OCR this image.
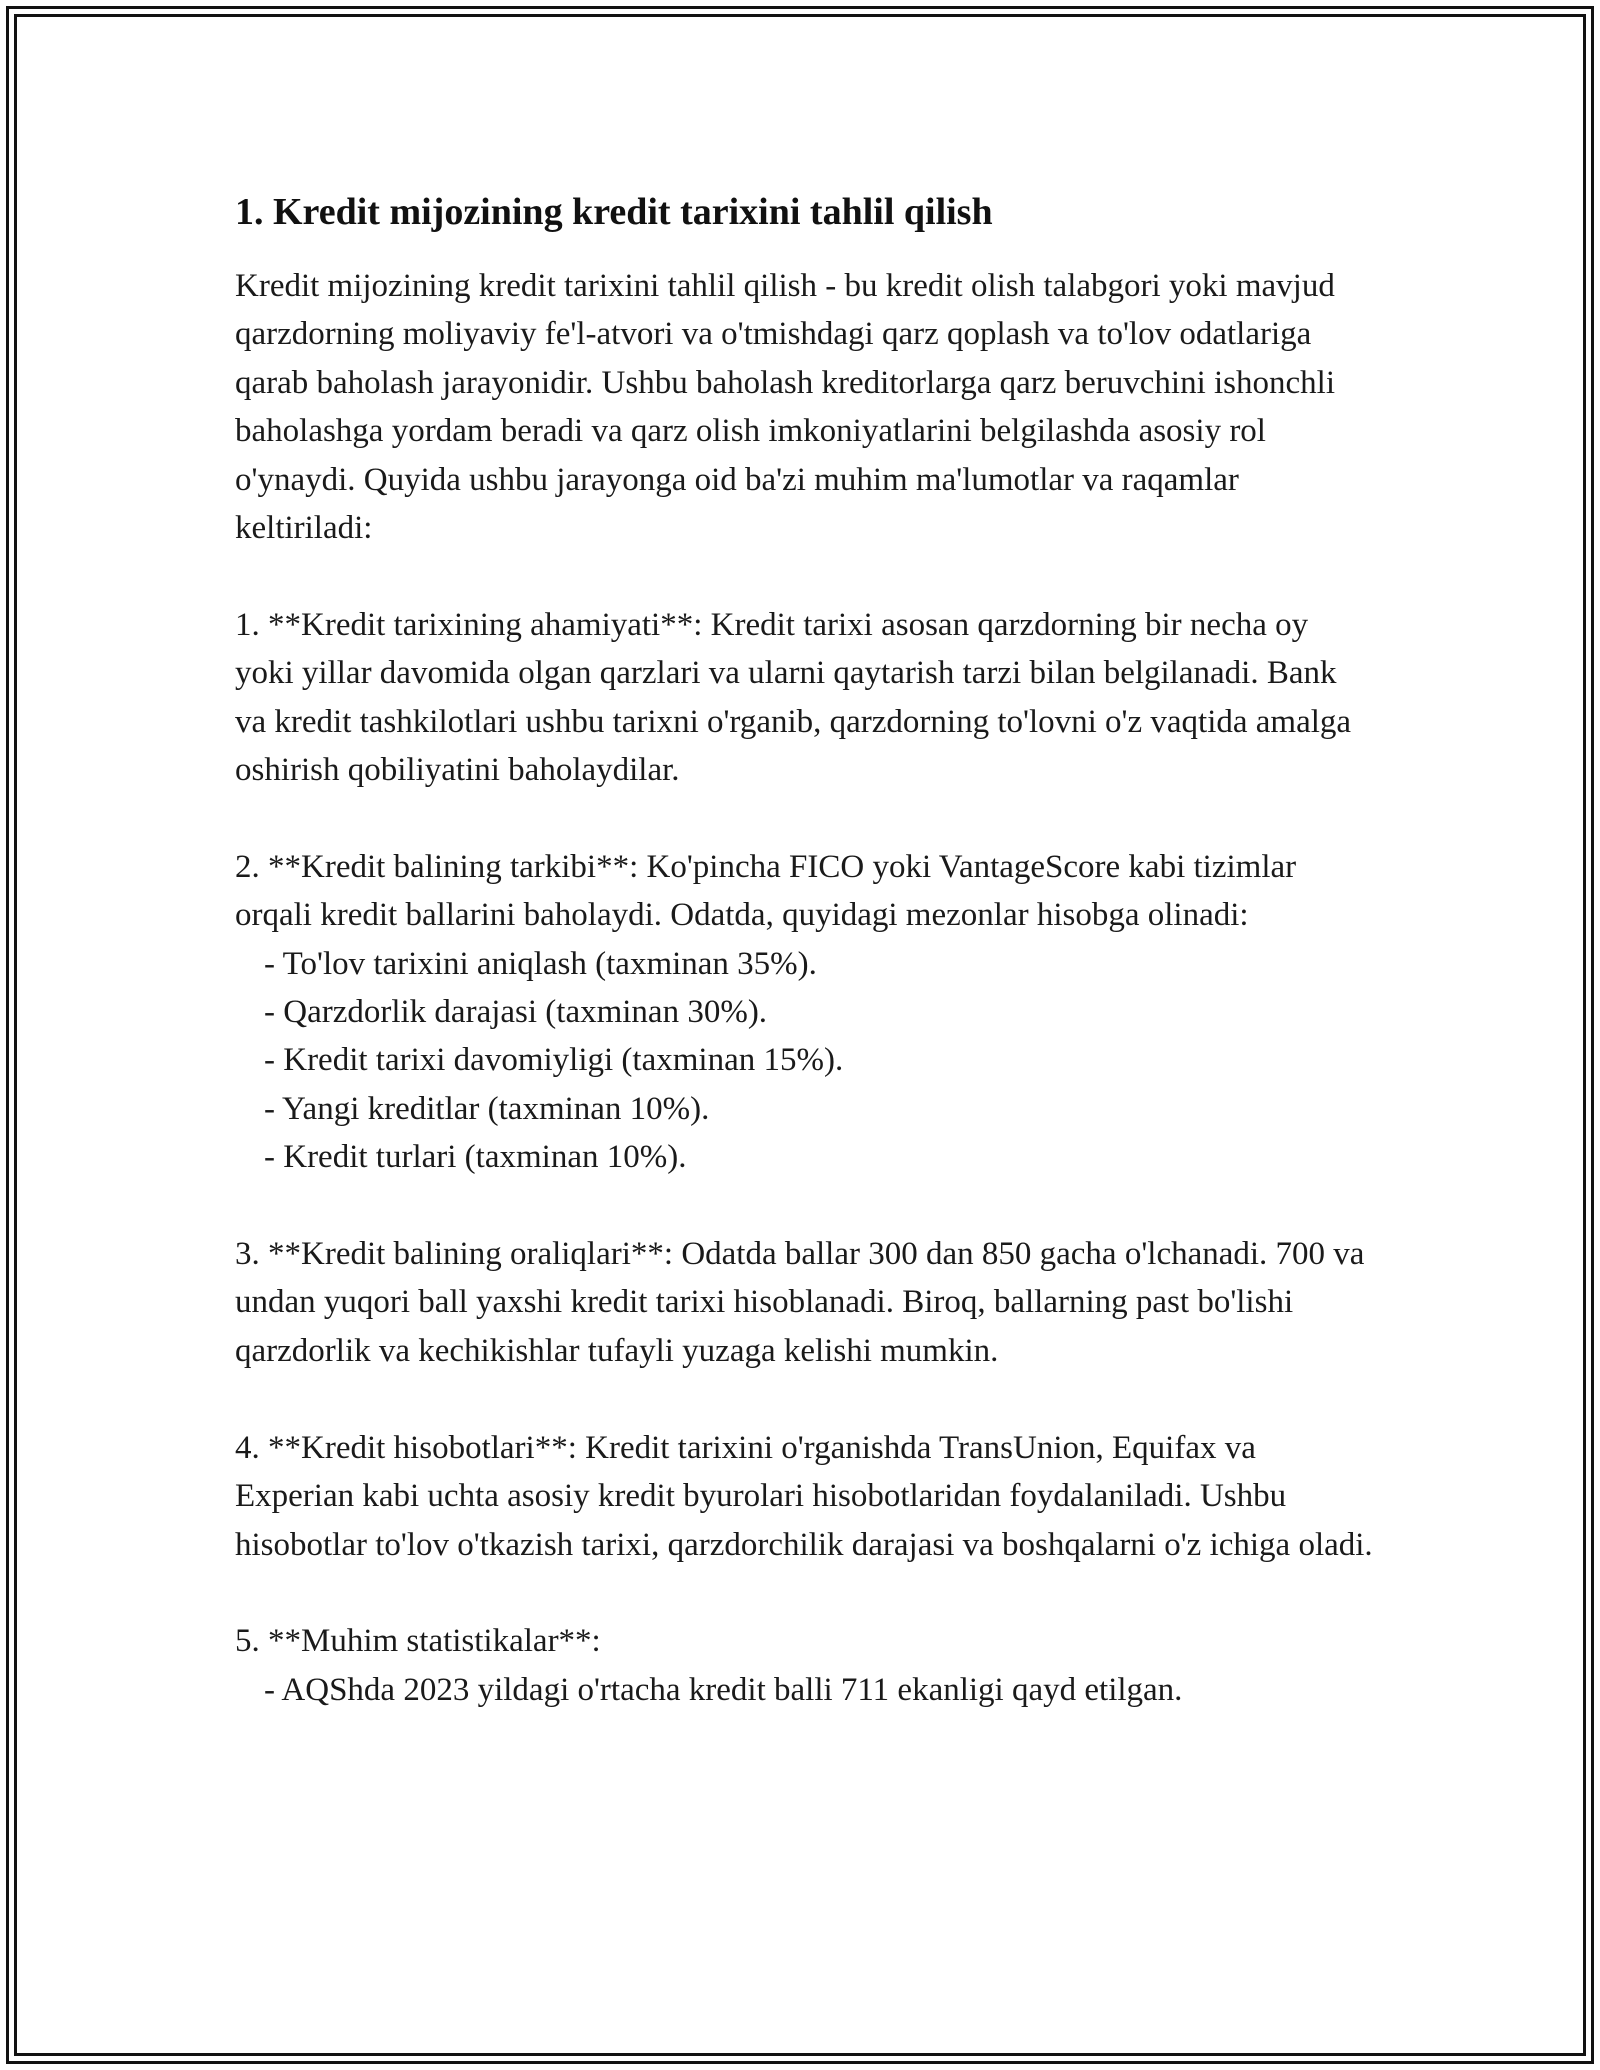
1. Kredit mijozining kredit tarixini tahlil qilish

Kredit mijozining kredit tarixini tahlil qilish - bu kredit olish talabgori yoki mavjud qarzdorning moliyaviy fe'l-atvori va o'tmishdagi qarz qoplash va to'lov odatlariga qarab baholash jarayonidir. Ushbu baholash kreditorlarga qarz beruvchini ishonchli baholashga yordam beradi va qarz olish imkoniyatlarini belgilashda asosiy rol o'ynaydi. Quyida ushbu jarayonga oid ba'zi muhim ma'lumotlar va raqamlar keltiriladi:

1. **Kredit tarixining ahamiyati**: Kredit tarixi asosan qarzdorning bir necha oy yoki yillar davomida olgan qarzlari va ularni qaytarish tarzi bilan belgilanadi. Bank va kredit tashkilotlari ushbu tarixni o'rganib, qarzdorning to'lovni o'z vaqtida amalga oshirish qobiliyatini baholaydilar.

2. **Kredit balining tarkibi**: Ko'pincha FICO yoki VantageScore kabi tizimlar orqali kredit ballarini baholaydi. Odatda, quyidagi mezonlar hisobga olinadi:

- To'lov tarixini aniqlash (taxminan 35%).

- Qarzdorlik darajasi (taxminan 30%).

- Kredit tarixi davomiyligi (taxminan 15%).

- Yangi kreditlar (taxminan 10%).

- Kredit turlari (taxminan 10%).

3. **Kredit balining oraliqlari**: Odatda ballar 300 dan 850 gacha o'lchanadi. 700 va undan yuqori ball yaxshi kredit tarixi hisoblanadi. Biroq, ballarning past bo'lishi qarzdorlik va kechikishlar tufayli yuzaga kelishi mumkin.

4. **Kredit hisobotlari**: Kredit tarixini o'rganishda TransUnion, Equifax va Experian kabi uchta asosiy kredit byurolari hisobotlaridan foydalaniladi. Ushbu hisobotlar to'lov o'tkazish tarixi, qarzdorchilik darajasi va boshqalarni o'z ichiga oladi.

5. **Muhim statistikalar**:

- AQShda 2023 yildagi o'rtacha kredit balli 711 ekanligi qayd etilgan.
